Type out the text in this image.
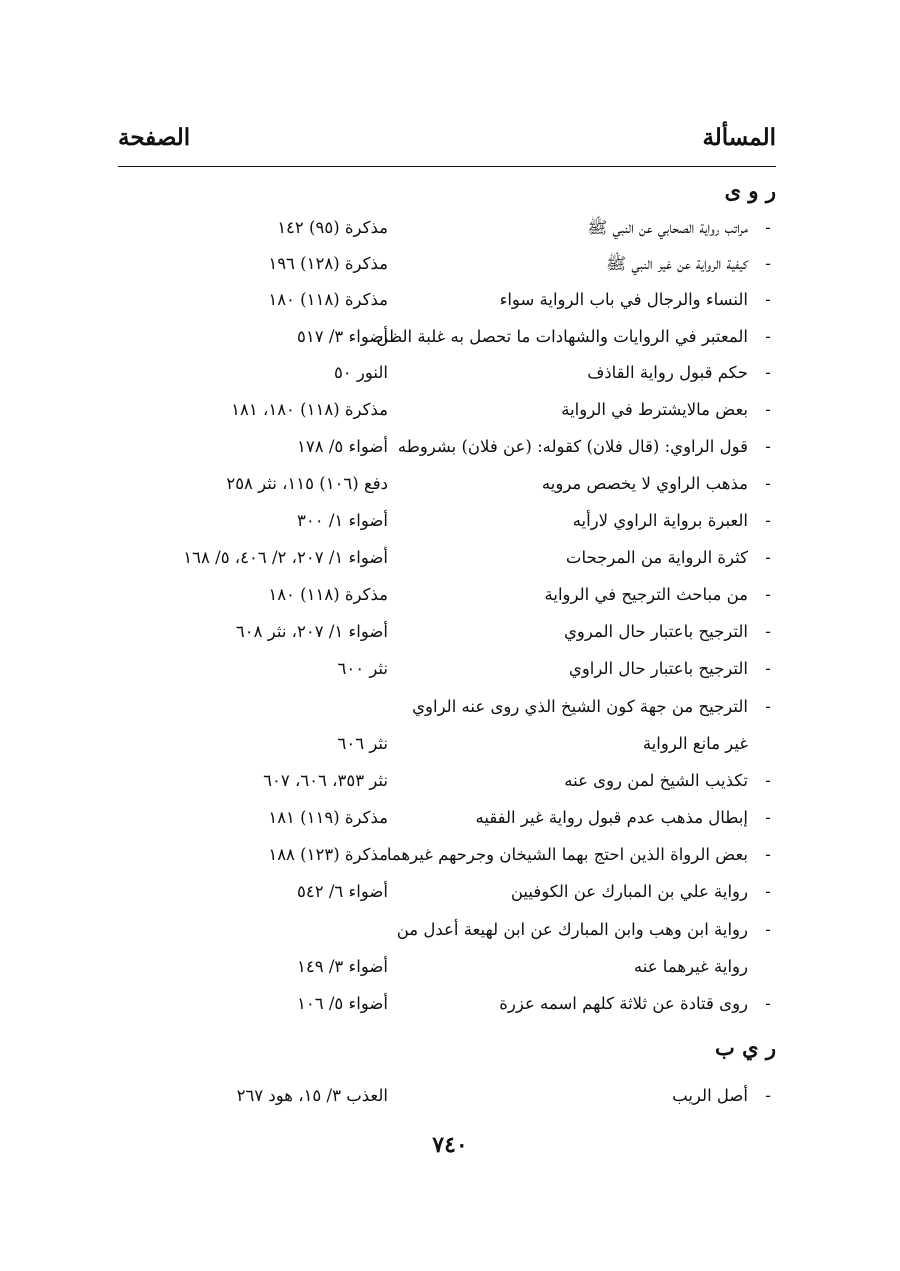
المسألة
الصفحة
ر و ى
-
مراتب رواية الصحابي عن النبي ﷺ
مذكرة (٩٥) ١٤٢
-
كيفية الرواية عن غير النبي ﷺ
مذكرة (١٢٨) ١٩٦
-
النساء والرجال في باب الرواية سواء
مذكرة (١١٨) ١٨٠
-
المعتبر في الروايات والشهادات ما تحصل به غلبة الظن
أضواء ٣/ ٥١٧
-
حكم قبول رواية القاذف
النور ٥٠
-
بعض مالايشترط في الرواية
مذكرة (١١٨) ١٨٠، ١٨١
-
قول الراوي: (قال فلان) كقوله: (عن فلان) بشروطه
أضواء ٥/ ١٧٨
-
مذهب الراوي لا يخصص مرويه
دفع (١٠٦) ١١٥، نثر ٢٥٨
-
العبرة برواية الراوي لارأيه
أضواء ١/ ٣٠٠
-
كثرة الرواية من المرجحات
أضواء ١/ ٢٠٧، ٢/ ٤٠٦، ٥/ ١٦٨
-
من مباحث الترجيح في الرواية
مذكرة (١١٨) ١٨٠
-
الترجيح باعتبار حال المروي
أضواء ١/ ٢٠٧، نثر ٦٠٨
-
الترجيح باعتبار حال الراوي
نثر ٦٠٠
-
الترجيح من جهة كون الشيخ الذي روى عنه الراوي
غير مانع الرواية
نثر ٦٠٦
-
تكذيب الشيخ لمن روى عنه
نثر ٣٥٣، ٦٠٦، ٦٠٧
-
إبطال مذهب عدم قبول رواية غير الفقيه
مذكرة (١١٩) ١٨١
-
بعض الرواة الذين احتج بهما الشيخان وجرحهم غيرهما
مذكرة (١٢٣) ١٨٨
-
رواية علي بن المبارك عن الكوفيين
أضواء ٦/ ٥٤٢
-
رواية ابن وهب وابن المبارك عن ابن لهيعة أعدل من
رواية غيرهما عنه
أضواء ٣/ ١٤٩
-
روى قتادة عن ثلاثة كلهم اسمه عزرة
أضواء ٥/ ١٠٦
ر ي ب
-
أصل الريب
العذب ٣/ ١٥، هود ٢٦٧
٧٤٠
